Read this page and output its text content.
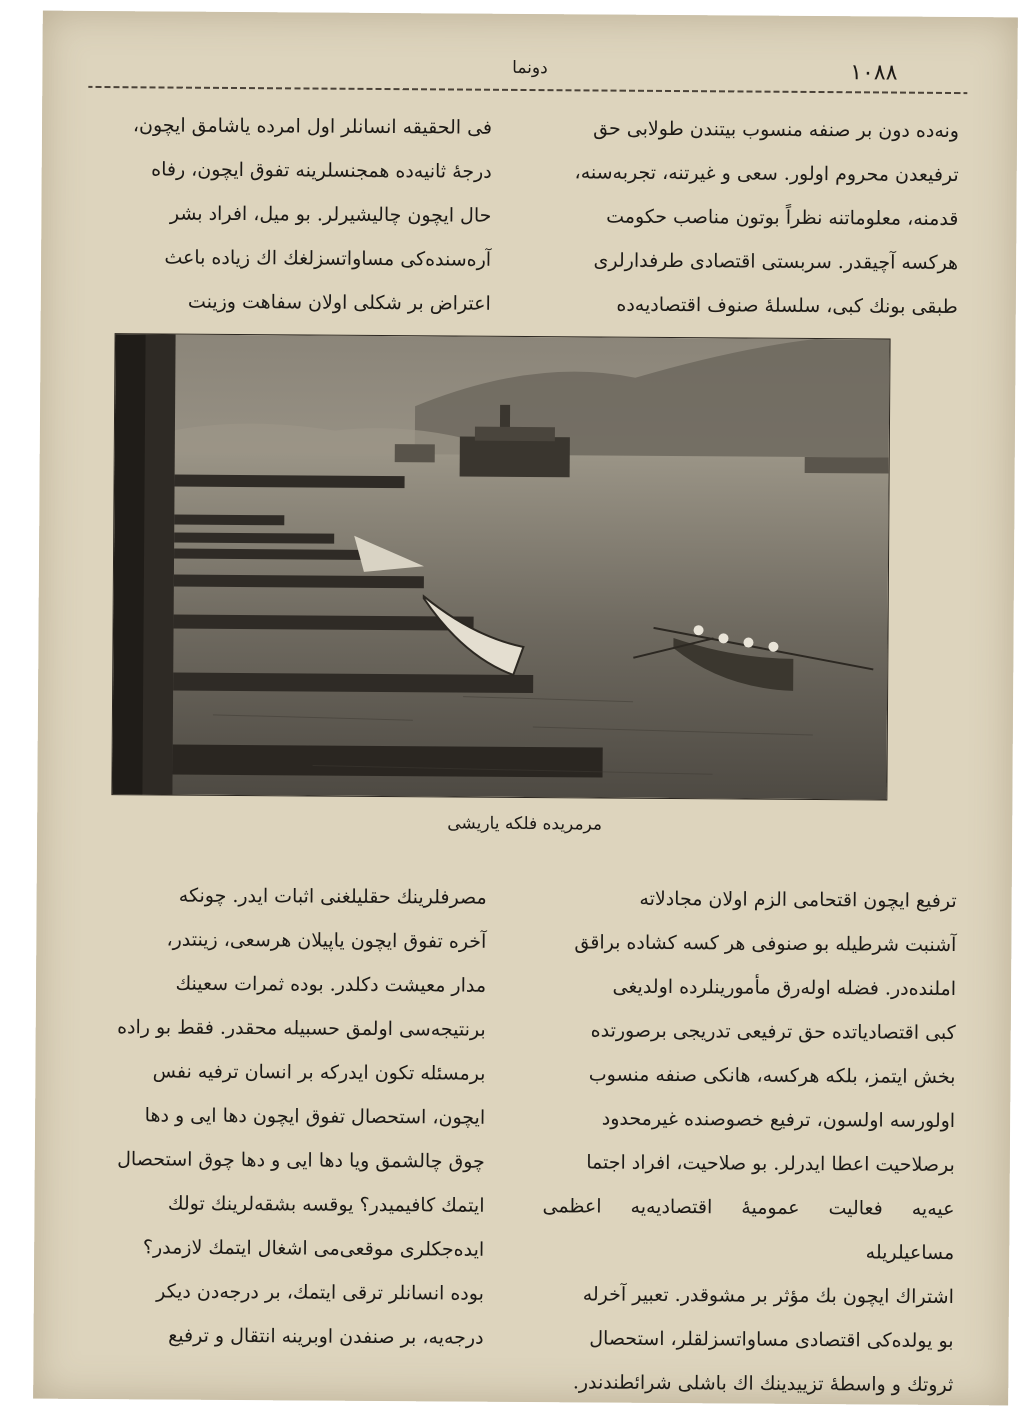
١٠٨٨
دونما

ونه‌ده دون بر صنفه منسوب بیتندن طولابی حق

ترفیعدن محروم اولور. سعی و غیرتنه، تجربه‌سنه،

قدمنه، معلوماتنه نظراً بوتون مناصب حکومت

هرکسه آچیقدر. سربستی اقتصادی طرفدارلری

طبقی بونك كبی، سلسلهٔ صنوف اقتصادیه‌ده

فی الحقیقه انسانلر اول امرده یاشامق ایچون،

درجهٔ ثانیه‌ده همجنسلرینه تفوق ایچون، رفاه

حال ایچون چالیشیرلر. بو میل، افراد بشر

آره‌سنده‌کی مساواتسزلغك اك زیاده باعث

اعتراض بر شکلی اولان سفاهت وزینت

مرمریده فلکه یاریشی

ترفیع ایچون اقتحامی الزم اولان مجادلاته

آشنبت شرطیله بو صنوفی هر کسه کشاده براقق

املنده‌در. فضله اوله‌رق مأمورینلرده اولدیغی

كبی اقتصادیاتده حق ترفیعی تدریجی برصورتده

بخش ایتمز، بلکه هرکسه، هانکی صنفه منسوب

اولورسه اولسون، ترفیع خصوصنده غیرمحدود

برصلاحیت اعطا ایدرلر. بو صلاحیت، افراد اجتما

عیه‌یه فعالیت عمومیهٔ اقتصادیه‌یه اعظمی مساعیلریله

اشتراك ایچون بك مؤثر بر مشوقدر. تعبیر آخرله

بو یولده‌کی اقتصادی مساواتسزلقلر، استحصال

ثروتك و واسطهٔ تزییدینك اك باشلی شرائطندندر.

مصرفلرینك حقلیلغنی اثبات ایدر. چونکه

آخره تفوق ایچون یاپیلان هرسعی، زینتدر،

مدار معیشت دکلدر. بوده ثمرات سعینك

برنتیجه‌سی اولمق حسبیله محقدر. فقط بو راده

برمسئله تکون ایدرکه بر انسان ترفیه نفس

ایچون، استحصال تفوق ایچون دها ایی و دها

چوق چالشمق ویا دها ایی و دها چوق استحصال

ایتمك کافیمیدر؟ یوقسه بشقه‌لرینك تولك

ایده‌جکلری موقعی‌می اشغال ایتمك لازمدر؟

بوده انسانلر ترقی ایتمك، بر درجه‌دن دیکر

درجه‌یه، بر صنفدن اوبرینه انتقال و ترفیع
